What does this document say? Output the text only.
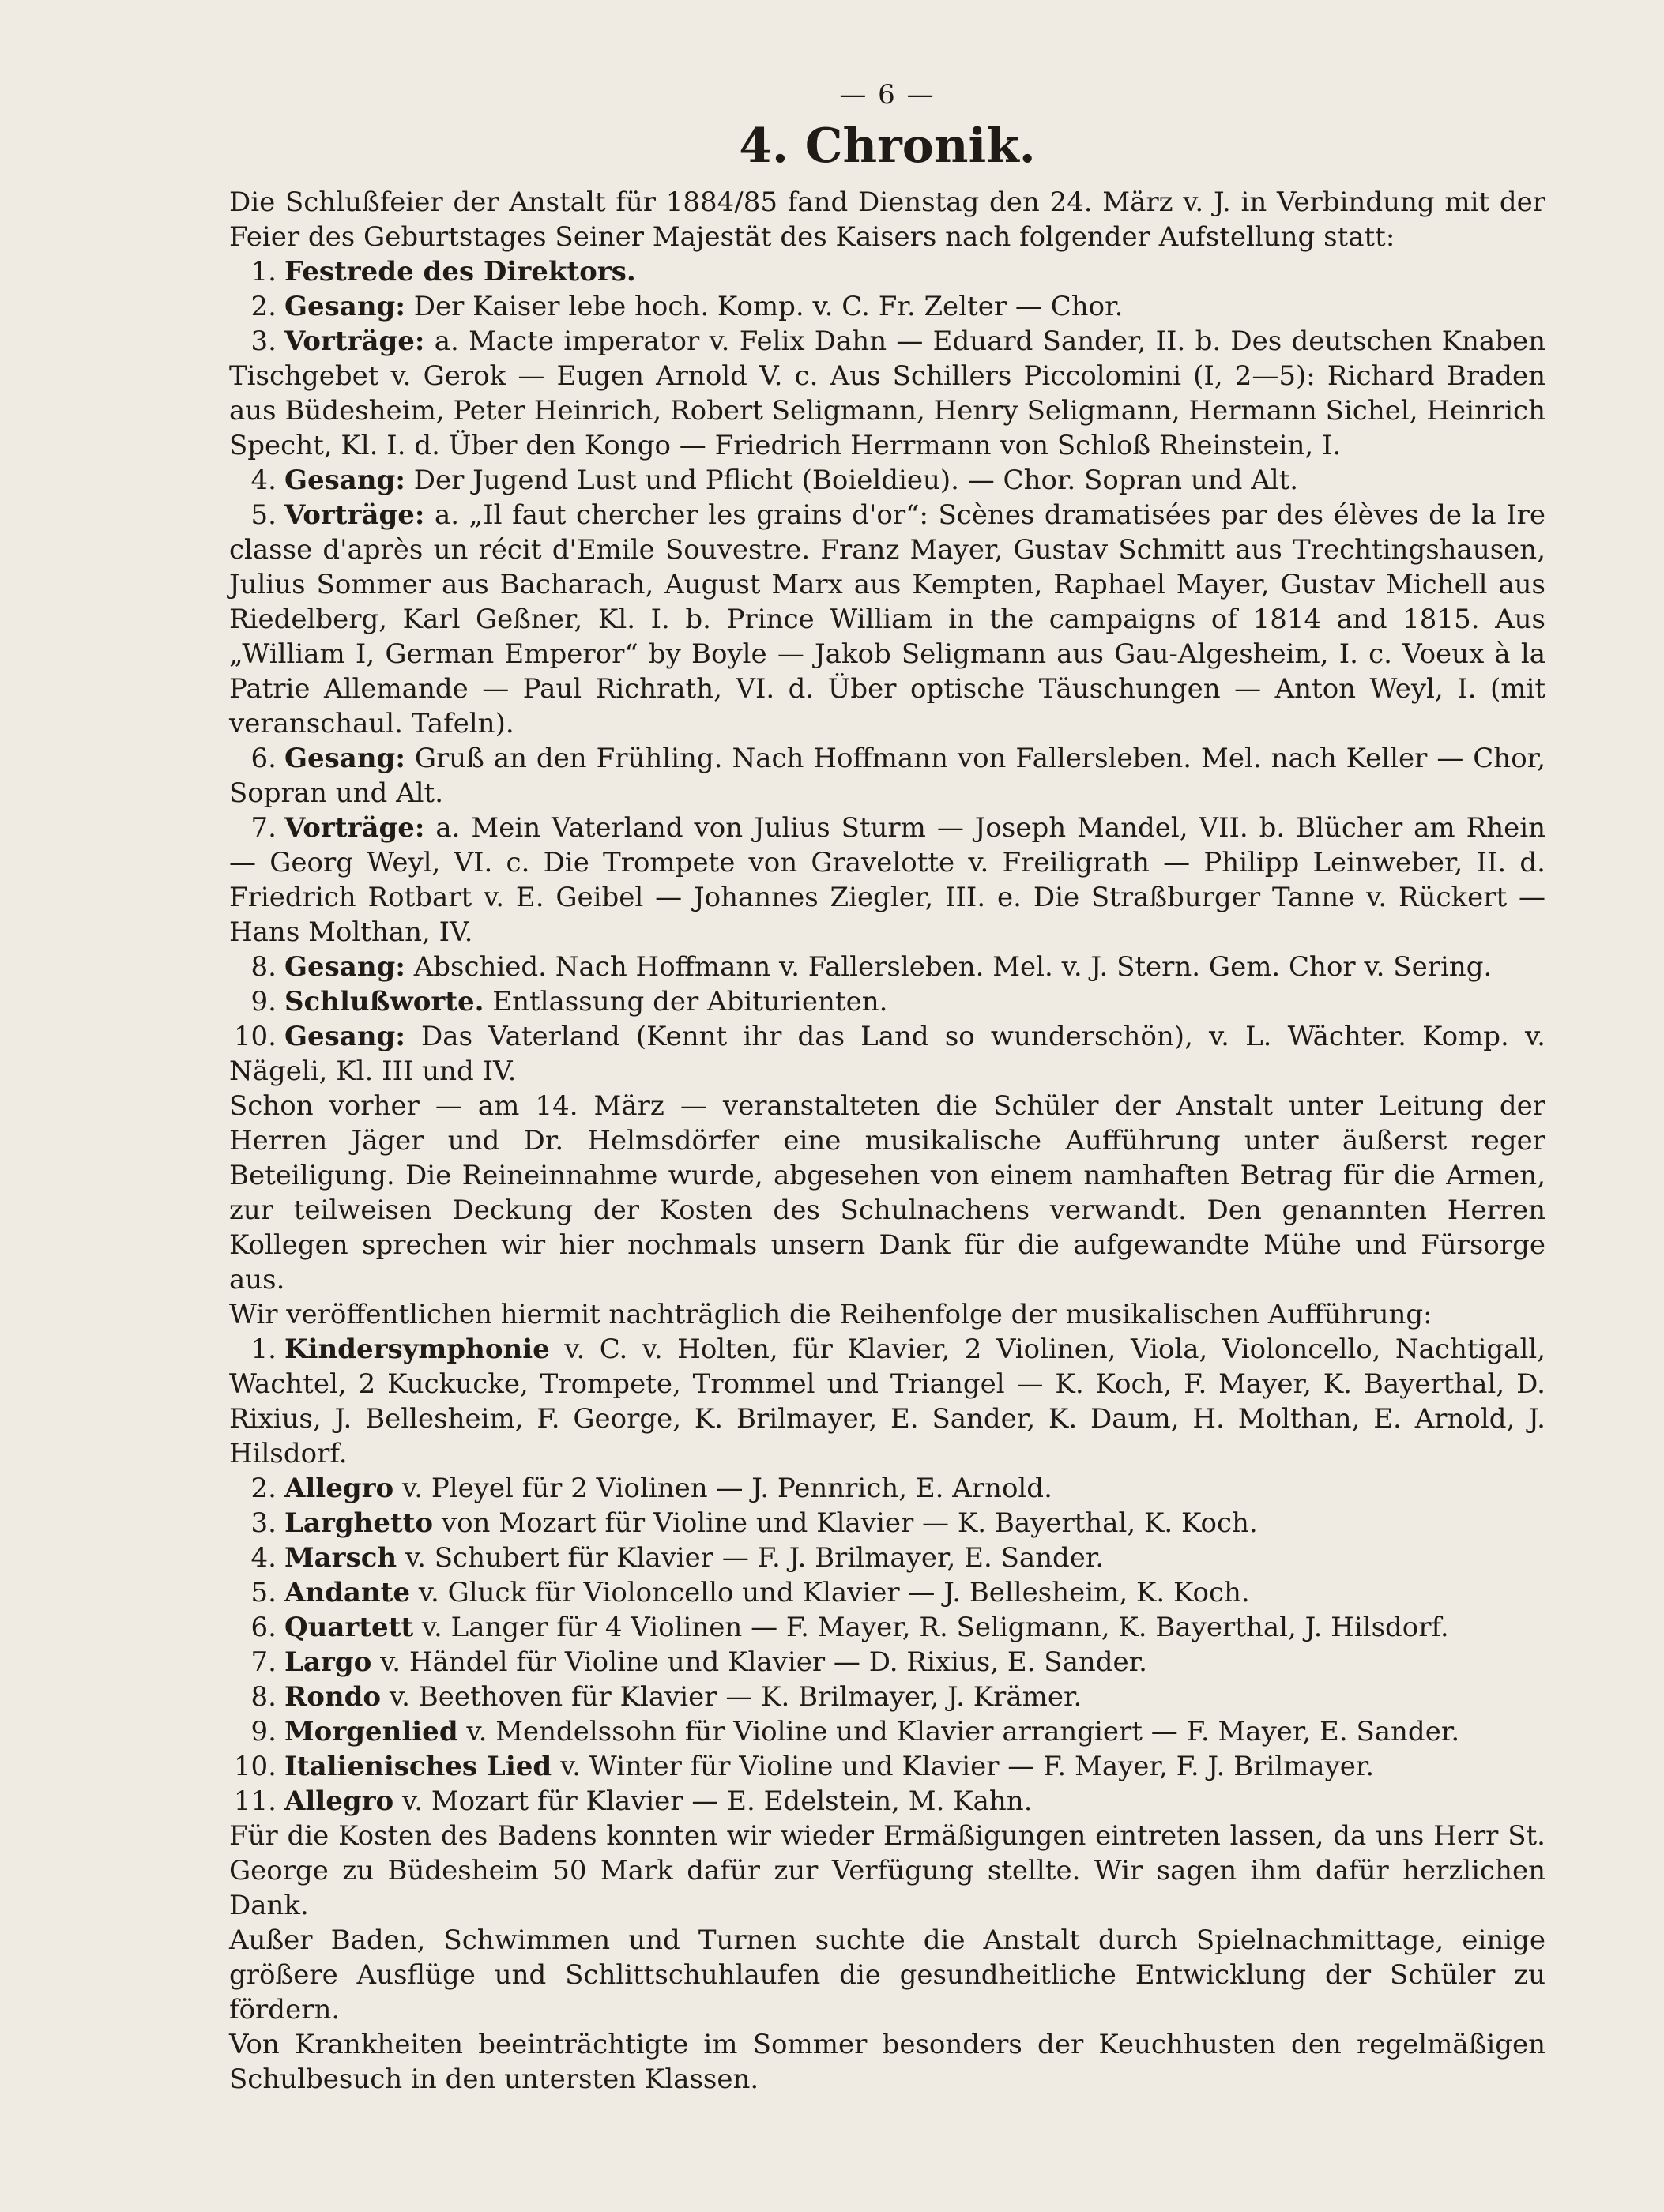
— 6 —
4. Chronik.

Die Schlußfeier der Anstalt für 1884/85 fand Dienstag den 24. März v. J. in Verbindung mit der Feier des Geburtstages Seiner Majestät des Kaisers nach folgender Aufstellung statt:

1. Festrede des Direktors.
2. Gesang: Der Kaiser lebe hoch. Komp. v. C. Fr. Zelter — Chor.
3. Vorträge: a. Macte imperator v. Felix Dahn — Eduard Sander, II. b. Des deutschen Knaben Tischgebet v. Gerok — Eugen Arnold V. c. Aus Schillers Piccolomini (I, 2—5): Richard Braden aus Büdesheim, Peter Heinrich, Robert Seligmann, Henry Seligmann, Hermann Sichel, Heinrich Specht, Kl. I. d. Über den Kongo — Friedrich Herrmann von Schloß Rheinstein, I.
4. Gesang: Der Jugend Lust und Pflicht (Boieldieu). — Chor. Sopran und Alt.
5. Vorträge: a. „Il faut chercher les grains d'or“: Scènes dramatisées par des élèves de la Ire classe d'après un récit d'Emile Souvestre. Franz Mayer, Gustav Schmitt aus Trechtingshausen, Julius Sommer aus Bacharach, August Marx aus Kempten, Raphael Mayer, Gustav Michell aus Riedelberg, Karl Geßner, Kl. I. b. Prince William in the campaigns of 1814 and 1815. Aus „William I, German Emperor“ by Boyle — Jakob Seligmann aus Gau-Algesheim, I. c. Voeux à la Patrie Allemande — Paul Richrath, VI. d. Über optische Täuschungen — Anton Weyl, I. (mit veranschaul. Tafeln).
6. Gesang: Gruß an den Frühling. Nach Hoffmann von Fallersleben. Mel. nach Keller — Chor, Sopran und Alt.
7. Vorträge: a. Mein Vaterland von Julius Sturm — Joseph Mandel, VII. b. Blücher am Rhein — Georg Weyl, VI. c. Die Trompete von Gravelotte v. Freiligrath — Philipp Leinweber, II. d. Friedrich Rotbart v. E. Geibel — Johannes Ziegler, III. e. Die Straßburger Tanne v. Rückert — Hans Molthan, IV.
8. Gesang: Abschied. Nach Hoffmann v. Fallersleben. Mel. v. J. Stern. Gem. Chor v. Sering.
9. Schlußworte. Entlassung der Abiturienten.
10. Gesang: Das Vaterland (Kennt ihr das Land so wunderschön), v. L. Wächter. Komp. v. Nägeli, Kl. III und IV.

Schon vorher — am 14. März — veranstalteten die Schüler der Anstalt unter Leitung der Herren Jäger und Dr. Helmsdörfer eine musikalische Aufführung unter äußerst reger Beteiligung. Die Reineinnahme wurde, abgesehen von einem namhaften Betrag für die Armen, zur teilweisen Deckung der Kosten des Schulnachens verwandt. Den genannten Herren Kollegen sprechen wir hier nochmals unsern Dank für die aufgewandte Mühe und Fürsorge aus.

Wir veröffentlichen hiermit nachträglich die Reihenfolge der musikalischen Aufführung:

1. Kindersymphonie v. C. v. Holten, für Klavier, 2 Violinen, Viola, Violoncello, Nachtigall, Wachtel, 2 Kuckucke, Trompete, Trommel und Triangel — K. Koch, F. Mayer, K. Bayerthal, D. Rixius, J. Bellesheim, F. George, K. Brilmayer, E. Sander, K. Daum, H. Molthan, E. Arnold, J. Hilsdorf.
2. Allegro v. Pleyel für 2 Violinen — J. Pennrich, E. Arnold.
3. Larghetto von Mozart für Violine und Klavier — K. Bayerthal, K. Koch.
4. Marsch v. Schubert für Klavier — F. J. Brilmayer, E. Sander.
5. Andante v. Gluck für Violoncello und Klavier — J. Bellesheim, K. Koch.
6. Quartett v. Langer für 4 Violinen — F. Mayer, R. Seligmann, K. Bayerthal, J. Hilsdorf.
7. Largo v. Händel für Violine und Klavier — D. Rixius, E. Sander.
8. Rondo v. Beethoven für Klavier — K. Brilmayer, J. Krämer.
9. Morgenlied v. Mendelssohn für Violine und Klavier arrangiert — F. Mayer, E. Sander.
10. Italienisches Lied v. Winter für Violine und Klavier — F. Mayer, F. J. Brilmayer.
11. Allegro v. Mozart für Klavier — E. Edelstein, M. Kahn.

Für die Kosten des Badens konnten wir wieder Ermäßigungen eintreten lassen, da uns Herr St. George zu Büdesheim 50 Mark dafür zur Verfügung stellte. Wir sagen ihm dafür herzlichen Dank.

Außer Baden, Schwimmen und Turnen suchte die Anstalt durch Spielnachmittage, einige größere Ausflüge und Schlittschuhlaufen die gesundheitliche Entwicklung der Schüler zu fördern.

Von Krankheiten beeinträchtigte im Sommer besonders der Keuchhusten den regelmäßigen Schulbesuch in den untersten Klassen.
